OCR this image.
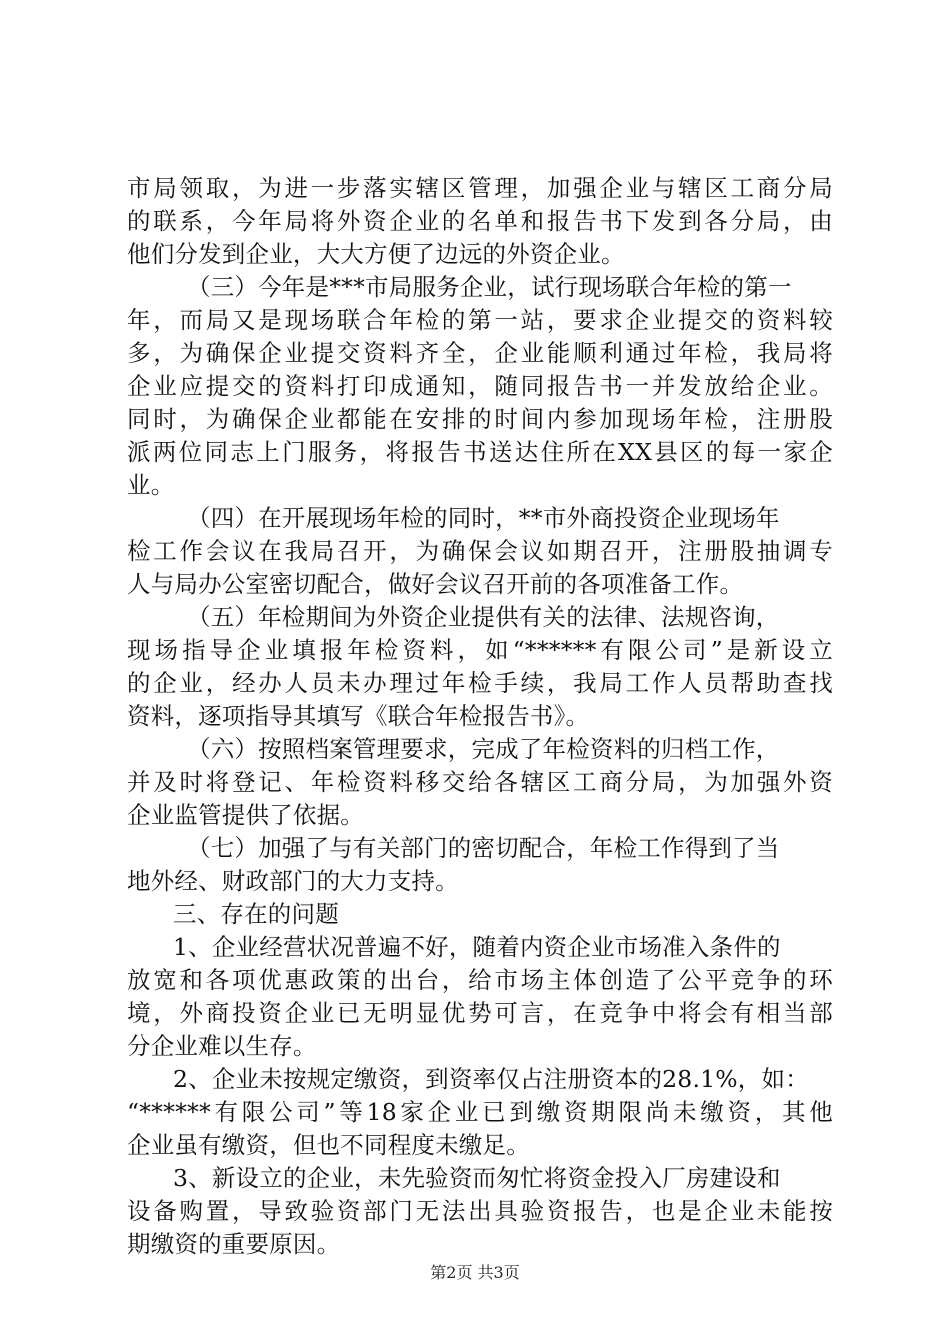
市局领取，为进一步落实辖区管理，加强企业与辖区工商分局
的联系，今年局将外资企业的名单和报告书下发到各分局，由
他们分发到企业，大大方便了边远的外资企业。
（三）今年是***市局服务企业，试行现场联合年检的第一
年，而局又是现场联合年检的第一站，要求企业提交的资料较
多，为确保企业提交资料齐全，企业能顺利通过年检，我局将
企业应提交的资料打印成通知，随同报告书一并发放给企业。
同时，为确保企业都能在安排的时间内参加现场年检，注册股
派两位同志上门服务，将报告书送达住所在XX县区的每一家企
业。
（四）在开展现场年检的同时，**市外商投资企业现场年
检工作会议在我局召开，为确保会议如期召开，注册股抽调专
人与局办公室密切配合，做好会议召开前的各项准备工作。
（五）年检期间为外资企业提供有关的法律、法规咨询，
现场指导企业填报年检资料，如“******有限公司”是新设立
的企业，经办人员未办理过年检手续，我局工作人员帮助查找
资料，逐项指导其填写《联合年检报告书》。
（六）按照档案管理要求，完成了年检资料的归档工作，
并及时将登记、年检资料移交给各辖区工商分局，为加强外资
企业监管提供了依据。
（七）加强了与有关部门的密切配合，年检工作得到了当
地外经、财政部门的大力支持。
三、存在的问题
1、企业经营状况普遍不好，随着内资企业市场准入条件的
放宽和各项优惠政策的出台，给市场主体创造了公平竞争的环
境，外商投资企业已无明显优势可言，在竞争中将会有相当部
分企业难以生存。
2、企业未按规定缴资，到资率仅占注册资本的28.1%，如：
“******有限公司”等18家企业已到缴资期限尚未缴资，其他
企业虽有缴资，但也不同程度未缴足。
3、新设立的企业，未先验资而匆忙将资金投入厂房建设和
设备购置，导致验资部门无法出具验资报告，也是企业未能按
期缴资的重要原因。
第2页 共3页
